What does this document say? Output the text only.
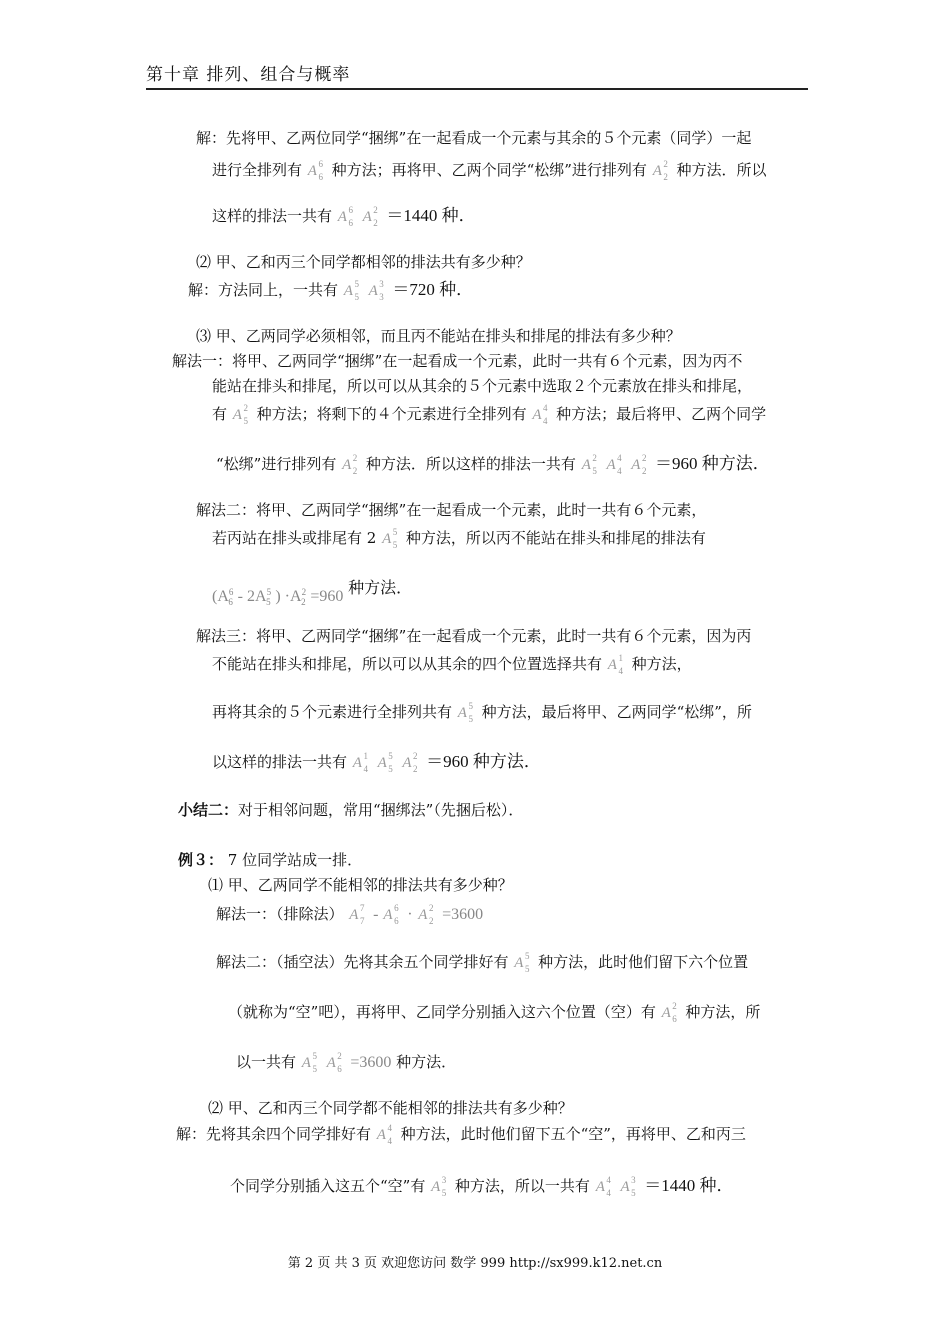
第十章 排列、组合与概率
解：先将甲、乙两位同学“捆绑”在一起看成一个元素与其余的５个元素（同学）一起
进行全排列有 A 6
6 种方法；再将甲、乙两个同学“松绑”进行排列有 A 2
2 种方法．所以
这样的排法一共有 A 6
6 A 2
2 ＝1440 种．
⑵ 甲、乙和丙三个同学都相邻的排法共有多少种？
解：方法同上，一共有 A 5
5 A 3
3 ＝720 种．
⑶ 甲、乙两同学必须相邻，而且丙不能站在排头和排尾的排法有多少种？
解法一：将甲、乙两同学“捆绑”在一起看成一个元素，此时一共有６个元素，因为丙不
能站在排头和排尾，所以可以从其余的５个元素中选取２个元素放在排头和排尾，
有 A 2
5 种方法；将剩下的４个元素进行全排列有 A 4
4 种方法；最后将甲、乙两个同学
“松绑”进行排列有 A 2
2 种方法．所以这样的排法一共有 A 2
5 A 4
4 A 2
2 ＝960 种方法．
解法二：将甲、乙两同学“捆绑”在一起看成一个元素，此时一共有６个元素，
若丙站在排头或排尾有 2 A 5
5 种方法，所以丙不能站在排头和排尾的排法有
($A^6_6 - 2A^5_5$ ) $\cdot A^2_2 =960$ 种方法．
解法三：将甲、乙两同学“捆绑”在一起看成一个元素，此时一共有６个元素，因为丙
不能站在排头和排尾，所以可以从其余的四个位置选择共有 A 1
4 种方法，
再将其余的５个元素进行全排列共有 A 5
5 种方法，最后将甲、乙两同学“松绑”，所
以这样的排法一共有 A 1
4 A 5
5 A 2
2 ＝960 种方法．
小结二：对于相邻问题，常用“捆绑法”（先捆后松）．
例３： 7 位同学站成一排．
⑴ 甲、乙两同学不能相邻的排法共有多少种？
解法一：（排除法） A 7
7 - A 6
6 · A 2
2 =3600
解法二：（插空法）先将其余五个同学排好有 A 5
5 种方法，此时他们留下六个位置
（就称为“空”吧），再将甲、乙同学分别插入这六个位置（空）有 A 2
6 种方法，所
以一共有 A 5
5 A 2
6 =3600 种方法．
⑵ 甲、乙和丙三个同学都不能相邻的排法共有多少种？
解：先将其余四个同学排好有 A 4
4 种方法，此时他们留下五个“空”，再将甲、乙和丙三
个同学分别插入这五个“空”有 A 3
5 种方法，所以一共有 A 4
4 A 3
5 ＝1440 种．
第 2 页 共 3 页 欢迎您访问 数学 999 http://sx999.k12.net.cn
